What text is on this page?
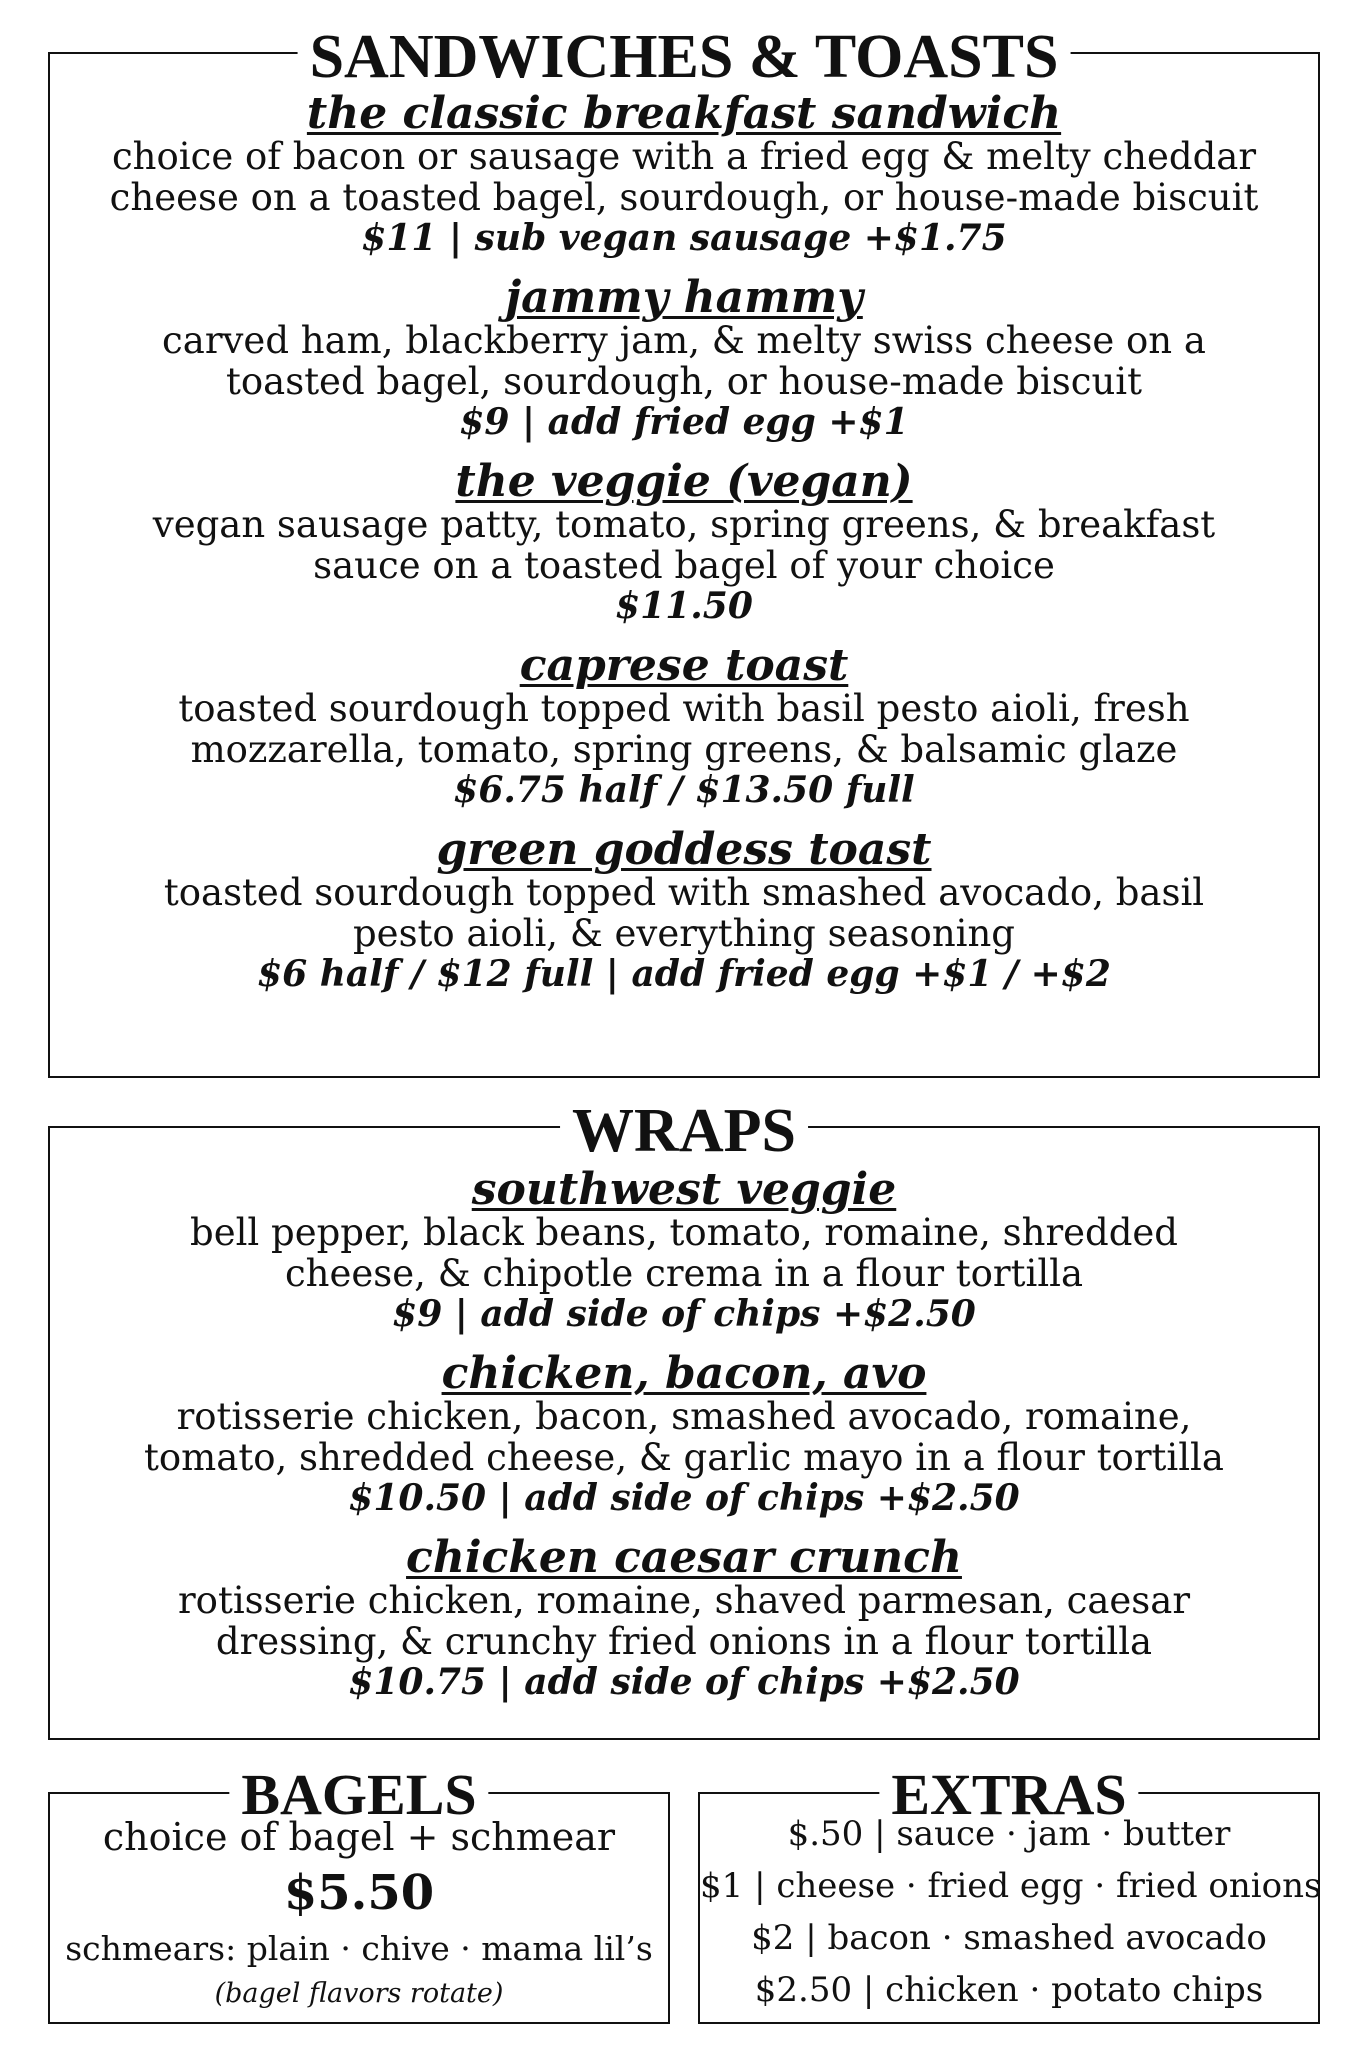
SANDWICHES & TOASTS

the classic breakfast sandwich

choice of bacon or sausage with a fried egg & melty cheddar

cheese on a toasted bagel, sourdough, or house-made biscuit

$11 | sub vegan sausage +$1.75

jammy hammy

carved ham, blackberry jam, & melty swiss cheese on a

toasted bagel, sourdough, or house-made biscuit

$9 | add fried egg +$1

the veggie (vegan)

vegan sausage patty, tomato, spring greens, & breakfast

sauce on a toasted bagel of your choice

$11.50

caprese toast

toasted sourdough topped with basil pesto aioli, fresh

mozzarella, tomato, spring greens, & balsamic glaze

$6.75 half / $13.50 full

green goddess toast

toasted sourdough topped with smashed avocado, basil

pesto aioli, & everything seasoning

$6 half / $12 full | add fried egg +$1 / +$2

WRAPS

southwest veggie

bell pepper, black beans, tomato, romaine, shredded

cheese, & chipotle crema in a flour tortilla

$9 | add side of chips +$2.50

chicken, bacon, avo

rotisserie chicken, bacon, smashed avocado, romaine,

tomato, shredded cheese, & garlic mayo in a flour tortilla

$10.50 | add side of chips +$2.50

chicken caesar crunch

rotisserie chicken, romaine, shaved parmesan, caesar

dressing, & crunchy fried onions in a flour tortilla

$10.75 | add side of chips +$2.50

BAGELS

choice of bagel + schmear

$5.50

schmears: plain · chive · mama lil’s

(bagel flavors rotate)

EXTRAS

$.50 | sauce · jam · butter

$1 | cheese · fried egg · fried onions

$2 | bacon · smashed avocado

$2.50 | chicken · potato chips
